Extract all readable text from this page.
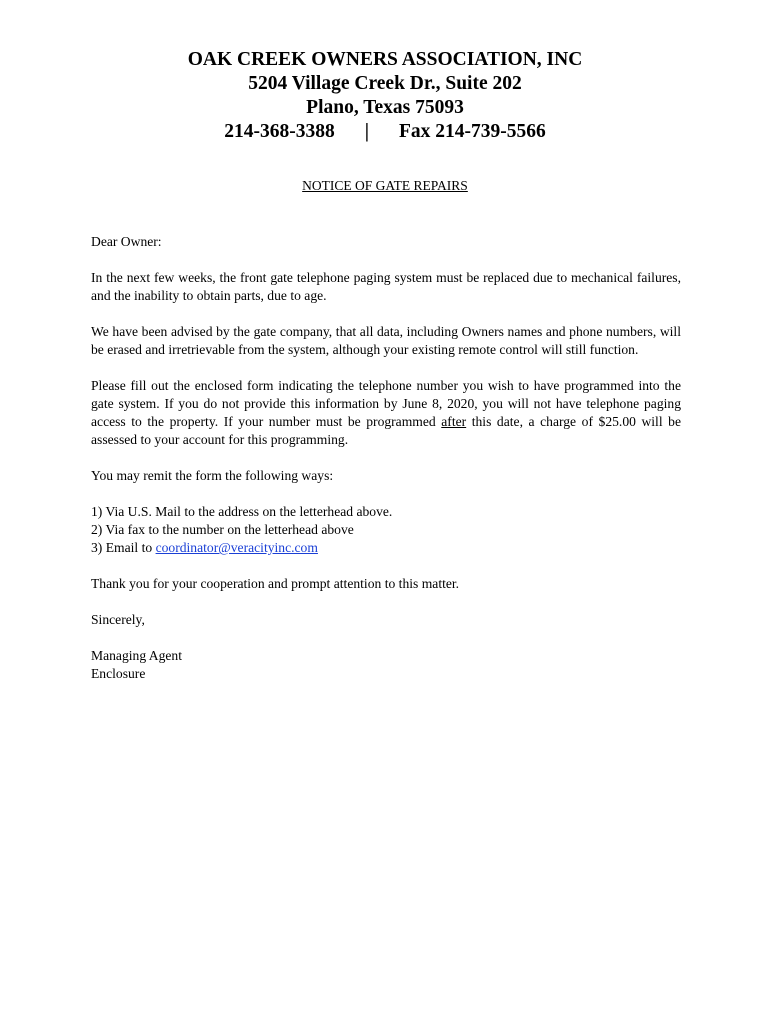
OAK CREEK OWNERS ASSOCIATION, INC
5204 Village Creek Dr., Suite 202
Plano, Texas 75093
214-368-3388 | Fax 214-739-5566
NOTICE OF GATE REPAIRS

Dear Owner:

In the next few weeks, the front gate telephone paging system must be replaced due to mechanical failures, and the inability to obtain parts, due to age.

We have been advised by the gate company, that all data, including Owners names and phone numbers, will be erased and irretrievable from the system, although your existing remote control will still function.

Please fill out the enclosed form indicating the telephone number you wish to have programmed into the gate system. If you do not provide this information by June 8, 2020, you will not have telephone paging access to the property. If your number must be programmed after this date, a charge of $25.00 will be assessed to your account for this programming.

You may remit the form the following ways:

1) Via U.S. Mail to the address on the letterhead above.
2) Via fax to the number on the letterhead above
3) Email to coordinator@veracityinc.com

Thank you for your cooperation and prompt attention to this matter.

Sincerely,

Managing Agent
Enclosure
